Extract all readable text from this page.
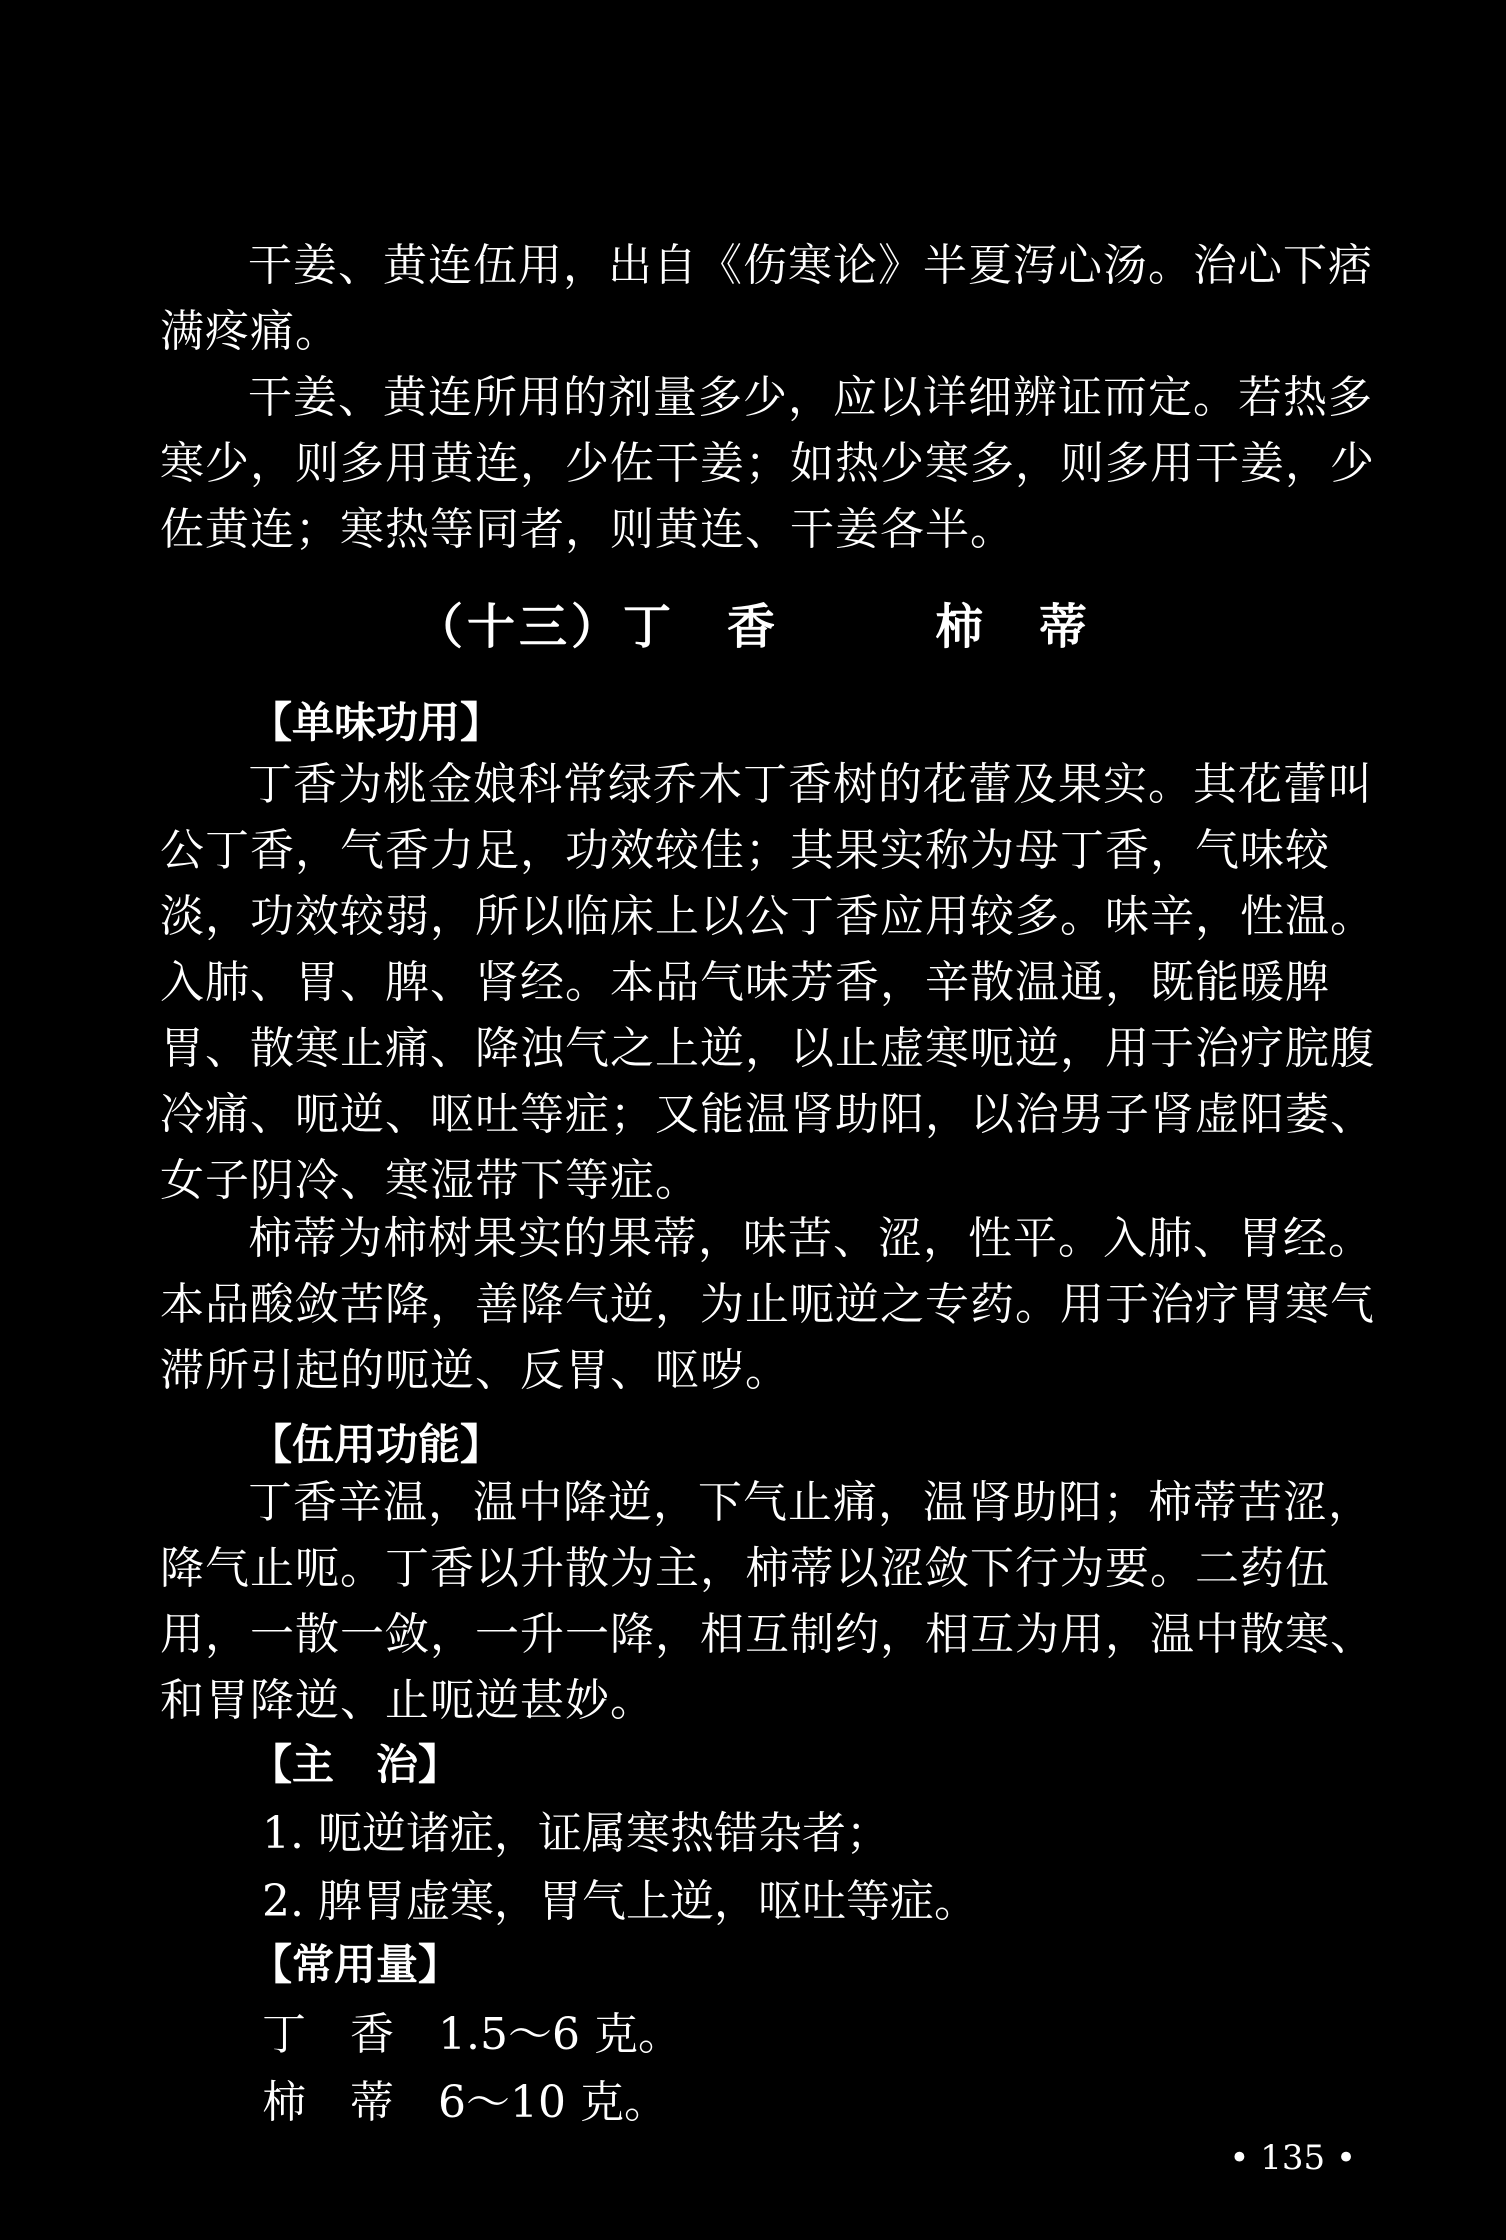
干姜、黄连伍用，出自《伤寒论》半夏泻心汤。治心下痞满疼痛。

干姜、黄连所用的剂量多少，应以详细辨证而定。若热多寒少，则多用黄连，少佐干姜；如热少寒多，则多用干姜，少佐黄连；寒热等同者，则黄连、干姜各半。

（十三）丁　香　　　柿　蒂

【单味功用】

丁香为桃金娘科常绿乔木丁香树的花蕾及果实。其花蕾叫公丁香，气香力足，功效较佳；其果实称为母丁香，气味较淡，功效较弱，所以临床上以公丁香应用较多。味辛，性温。入肺、胃、脾、肾经。本品气味芳香，辛散温通，既能暖脾胃、散寒止痛、降浊气之上逆，以止虚寒呃逆，用于治疗脘腹冷痛、呃逆、呕吐等症；又能温肾助阳，以治男子肾虚阳萎、女子阴冷、寒湿带下等症。

柿蒂为柿树果实的果蒂，味苦、涩，性平。入肺、胃经。本品酸敛苦降，善降气逆，为止呃逆之专药。用于治疗胃寒气滞所引起的呃逆、反胃、呕哕。

【伍用功能】

丁香辛温，温中降逆，下气止痛，温肾助阳；柿蒂苦涩，降气止呃。丁香以升散为主，柿蒂以涩敛下行为要。二药伍用，一散一敛，一升一降，相互制约，相互为用，温中散寒、和胃降逆、止呃逆甚妙。

【主　治】

1. 呃逆诸症，证属寒热错杂者；

2. 脾胃虚寒，胃气上逆，呕吐等症。

【常用量】

丁　香　1.5～6 克。

柿　蒂　6～10 克。

• 135 •
